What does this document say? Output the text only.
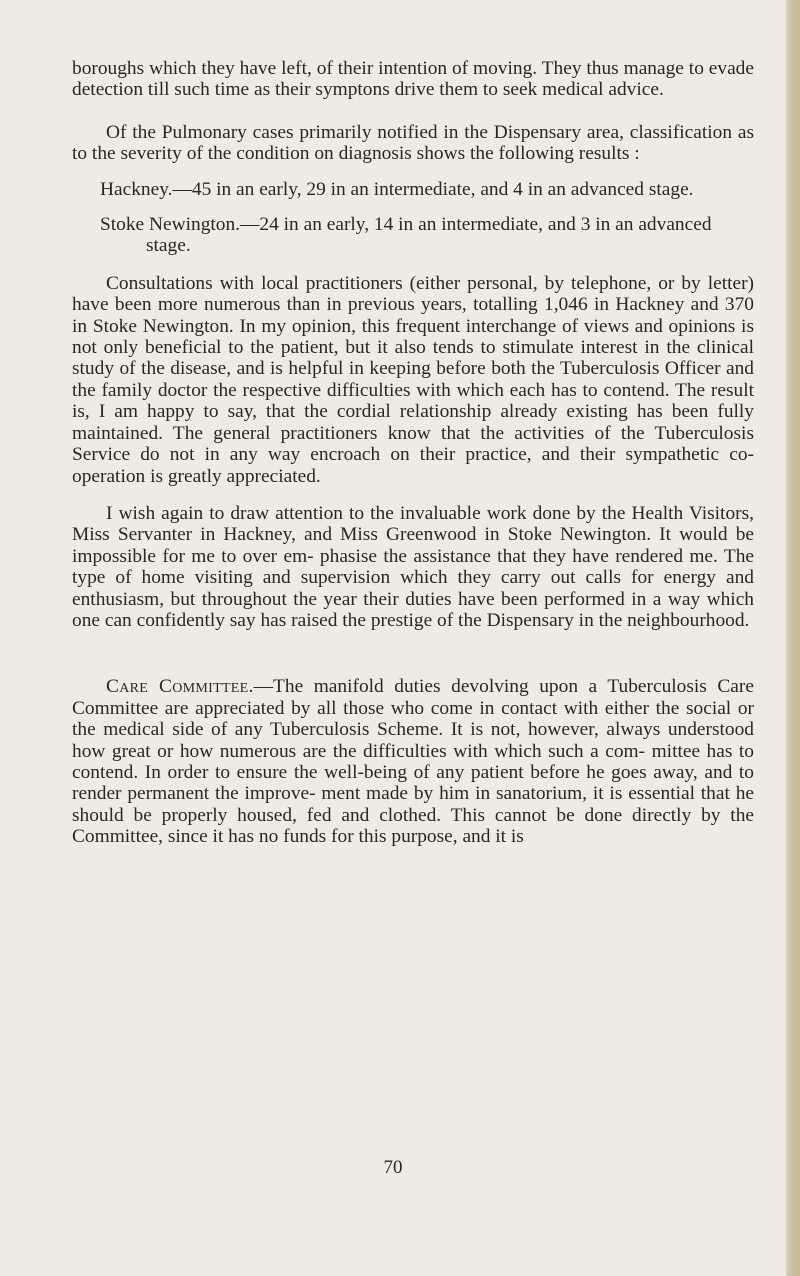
boroughs which they have left, of their intention of moving. They thus manage to evade detection till such time as their symptons drive them to seek medical advice.

Of the Pulmonary cases primarily notified in the Dispensary area, classification as to the severity of the condition on diagnosis shows the following results :

Hackney.—45 in an early, 29 in an intermediate, and 4 in an advanced stage.

Stoke Newington.—24 in an early, 14 in an intermediate, and 3 in an advanced stage.

Consultations with local practitioners (either personal, by telephone, or by letter) have been more numerous than in previous years, totalling 1,046 in Hackney and 370 in Stoke Newington. In my opinion, this frequent interchange of views and opinions is not only beneficial to the patient, but it also tends to stimulate interest in the clinical study of the disease, and is helpful in keeping before both the Tuberculosis Officer and the family doctor the respective difficulties with which each has to contend. The result is, I am happy to say, that the cordial relationship already existing has been fully maintained. The general practitioners know that the activities of the Tuberculosis Service do not in any way encroach on their practice, and their sympathetic co-operation is greatly appreciated.

I wish again to draw attention to the invaluable work done by the Health Visitors, Miss Servanter in Hackney, and Miss Greenwood in Stoke Newington. It would be impossible for me to over em- phasise the assistance that they have rendered me. The type of home visiting and supervision which they carry out calls for energy and enthusiasm, but throughout the year their duties have been performed in a way which one can confidently say has raised the prestige of the Dispensary in the neighbourhood.

Care Committee.—The manifold duties devolving upon a Tuberculosis Care Committee are appreciated by all those who come in contact with either the social or the medical side of any Tuberculosis Scheme. It is not, however, always understood how great or how numerous are the difficulties with which such a com- mittee has to contend. In order to ensure the well-being of any patient before he goes away, and to render permanent the improve- ment made by him in sanatorium, it is essential that he should be properly housed, fed and clothed. This cannot be done directly by the Committee, since it has no funds for this purpose, and it is

70
